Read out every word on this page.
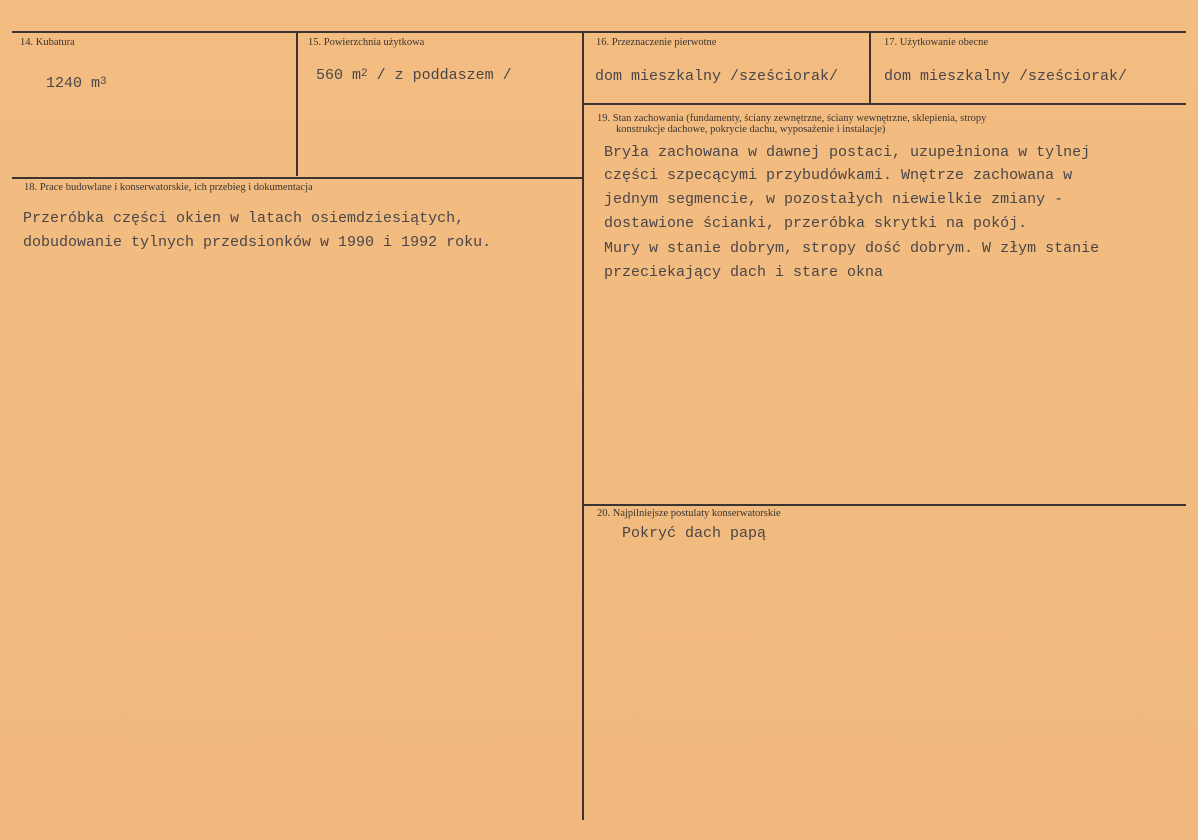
14. Kubatura
1240 $m^3$
15. Powierzchnia użytkowa
560 $m^2$ / z poddaszem /
16. Przeznaczenie pierwotne
dom mieszkalny /sześciorak/
17. Użytkowanie obecne
dom mieszkalny /sześciorak/
18. Prace budowlane i konserwatorskie, ich przebieg i dokumentacja
Przeróbka części okien w latach osiemdziesiątych,
dobudowanie tylnych przedsionków w 1990 i 1992 roku.
19. Stan zachowania (fundamenty, ściany zewnętrzne, ściany wewnętrzne, sklepienia, stropy
konstrukcje dachowe, pokrycie dachu, wyposażenie i instalacje)
Bryła zachowana w dawnej postaci, uzupełniona w tylnej
części szpecącymi przybudówkami. Wnętrze zachowana w
jednym segmencie, w pozostałych niewielkie zmiany -
dostawione ścianki, przeróbka skrytki na pokój.
Mury w stanie dobrym, stropy dość dobrym. W złym stanie
przeciekający dach i stare okna
20. Najpilniejsze postulaty konserwatorskie
Pokryć dach papą
